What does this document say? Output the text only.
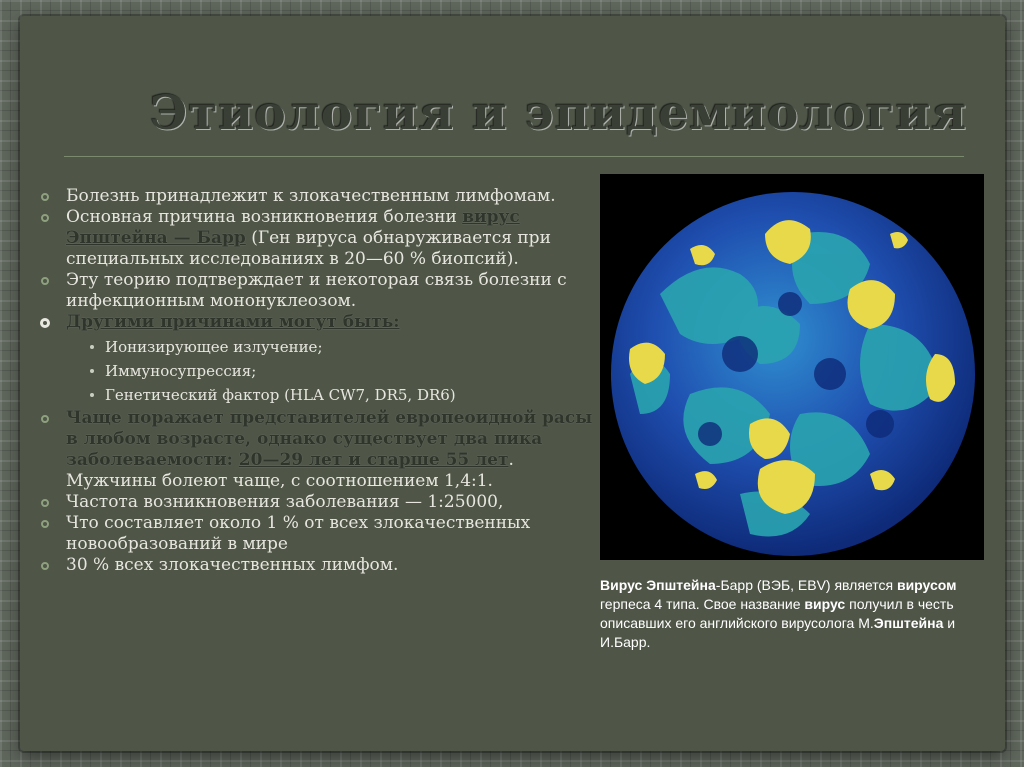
Этиология и эпидемиология

Болезнь принадлежит к злокачественным лимфомам.

Основная причина возникновения болезни вирус Эпштейна — Барр (Ген вируса обнаруживается при специальных исследованиях в 20—60 % биопсий).

Эту теорию подтверждает и некоторая связь болезни с инфекционным мононуклеозом.

Другими причинами могут быть:

Ионизирующее излучение;

Иммуносупрессия;

Генетический фактор (HLA CW7, DR5, DR6)

Чаще поражает представителей европеоидной расы в любом возрасте, однако существует два пика заболеваемости: 20—29 лет и старше 55 лет. Мужчины болеют чаще, с соотношением 1,4:1.

Частота возникновения заболевания — 1:25000,

Что составляет около 1 % от всех злокачественных новообразований в мире

30 % всех злокачественных лимфом.

Вирус Эпштейна-Барр (ВЭБ, EBV) является вирусом герпеса 4 типа. Свое название вирус получил в честь описавших его английского вирусолога М.Эпштейна и И.Барр.
